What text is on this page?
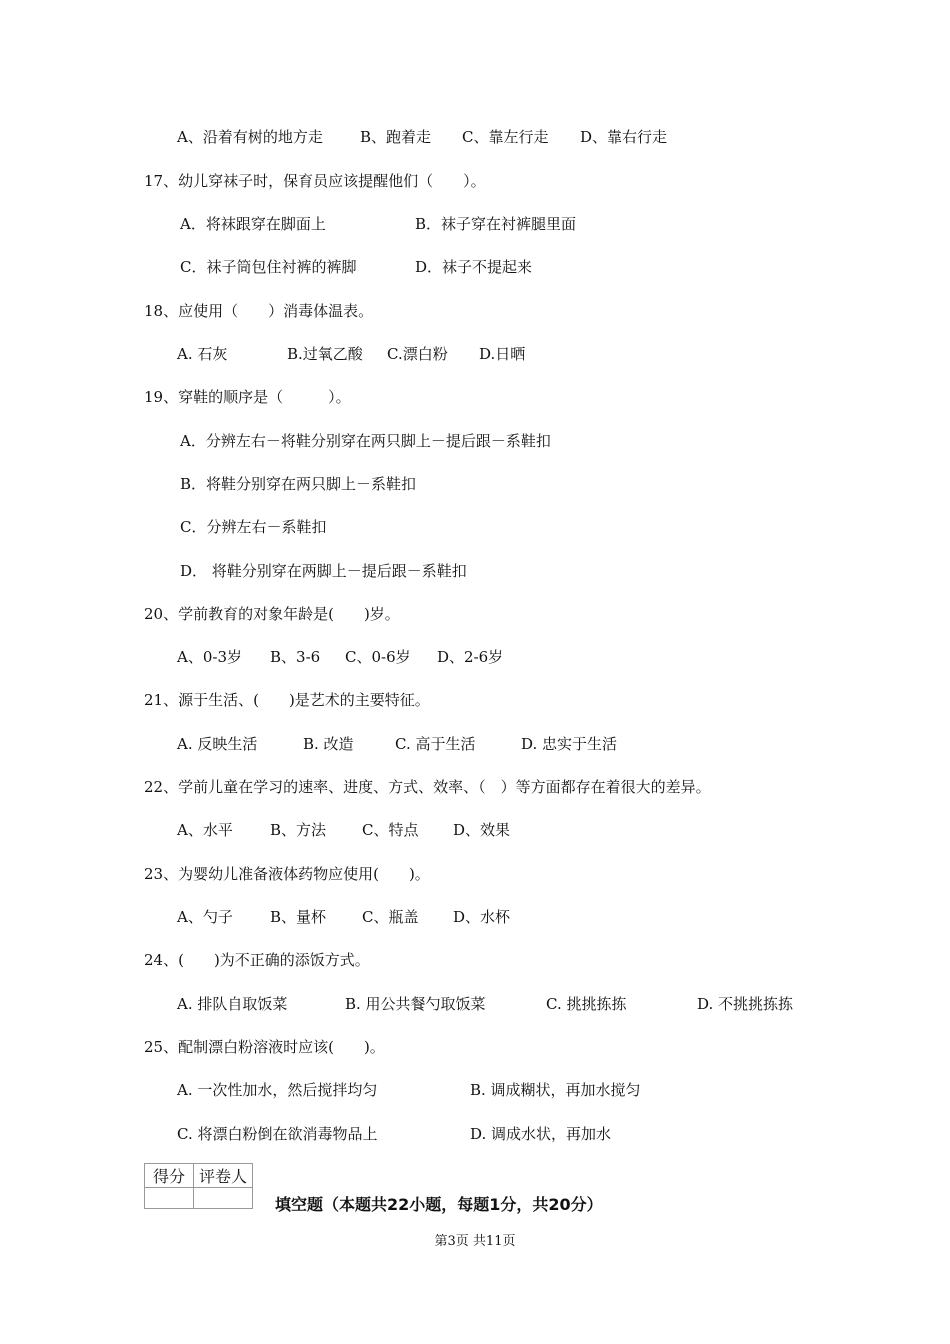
A、沿着有树的地方走 B、跑着走 C、靠左行走 D、靠右行走
17、幼儿穿袜子时，保育员应该提醒他们（　　）。
A．将袜跟穿在脚面上	B．袜子穿在衬裤腿里面
C．袜子筒包住衬裤的裤脚	D．袜子不提起来
18、应使用（　　）消毒体温表。
A. 石灰	B.过氧乙酸 C.漂白粉 D.日晒
19、穿鞋的顺序是（　　　）。
A．分辨左右－将鞋分别穿在两只脚上－提后跟－系鞋扣
B．将鞋分别穿在两只脚上－系鞋扣
C．分辨左右－系鞋扣
D． 将鞋分别穿在两脚上－提后跟－系鞋扣
20、学前教育的对象年龄是(　　)岁。
A、0-3岁 B、3-6 C、0-6岁 D、2-6岁
21、源于生活、(　　)是艺术的主要特征。
A. 反映生活	B. 改造	C. 高于生活	D. 忠实于生活
22、学前儿童在学习的速率、进度、方式、效率、（　）等方面都存在着很大的差异。
A、水平 B、方法 C、特点 D、效果
23、为婴幼儿准备液体药物应使用(　　)。
A、勺子 B、量杯 C、瓶盖 D、水杯
24、(　　)为不正确的添饭方式。
A. 排队自取饭菜	B. 用公共餐勺取饭菜	C. 挑挑拣拣	D. 不挑挑拣拣
25、配制漂白粉溶液时应该(　　)。
A. 一次性加水，然后搅拌均匀	B. 调成糊状，再加水搅匀
C. 将漂白粉倒在欲消毒物品上	D. 调成水状，再加水
得分	评卷人

填空题（本题共22小题，每题1分，共20分）
第3页 共11页
